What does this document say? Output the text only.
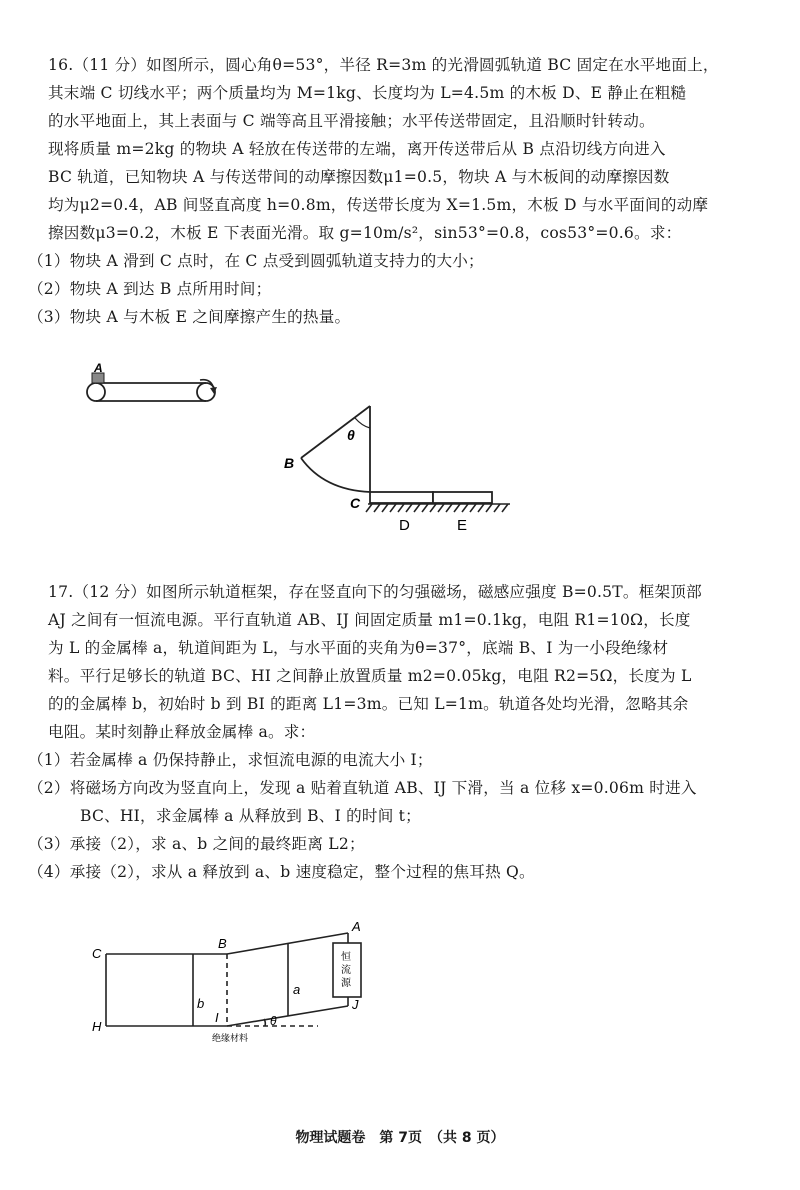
16.（11 分）如图所示，圆心角θ=53°，半径 R=3m 的光滑圆弧轨道 BC 固定在水平地面上，
其末端 C 切线水平；两个质量均为 M=1kg、长度均为 L=4.5m 的木板 D、E 静止在粗糙
的水平地面上，其上表面与 C 端等高且平滑接触；水平传送带固定，且沿顺时针转动。
现将质量 m=2kg 的物块 A 轻放在传送带的左端，离开传送带后从 B 点沿切线方向进入
BC 轨道，已知物块 A 与传送带间的动摩擦因数μ1=0.5，物块 A 与木板间的动摩擦因数
均为μ2=0.4，AB 间竖直高度 h=0.8m，传送带长度为 X=1.5m，木板 D 与水平面间的动摩
擦因数μ3=0.2，木板 E 下表面光滑。取 g=10m/s²，sin53°=0.8，cos53°=0.6。求：
（1）物块 A 滑到 C 点时，在 C 点受到圆弧轨道支持力的大小；
（2）物块 A 到达 B 点所用时间；
（3）物块 A 与木板 E 之间摩擦产生的热量。
A
θ
B
C
D	E
17.（12 分）如图所示轨道框架，存在竖直向下的匀强磁场，磁感应强度 B=0.5T。框架顶部
AJ 之间有一恒流电源。平行直轨道 AB、IJ 间固定质量 m1=0.1kg，电阻 R1=10Ω，长度
为 L 的金属棒 a，轨道间距为 L，与水平面的夹角为θ=37°，底端 B、I 为一小段绝缘材
料。平行足够长的轨道 BC、HI 之间静止放置质量 m2=0.05kg，电阻 R2=5Ω，长度为 L
的的金属棒 b，初始时 b 到 BI 的距离 L1=3m。已知 L=1m。轨道各处均光滑，忽略其余
电阻。某时刻静止释放金属棒 a。求：
（1）若金属棒 a 仍保持静止，求恒流电源的电流大小 I；
（2）将磁场方向改为竖直向上，发现 a 贴着直轨道 AB、IJ 下滑，当 a 位移 x=0.06m 时进入
BC、HI，求金属棒 a 从释放到 B、I 的时间 t；
（3）承接（2），求 a、b 之间的最终距离 L2；
（4）承接（2），求从 a 释放到 a、b 速度稳定，整个过程的焦耳热 Q。
恒
流
源
C
H
B
I
A
J
b
a
θ
绝缘材料
物理试题卷　第 7页　（共 8 页）
